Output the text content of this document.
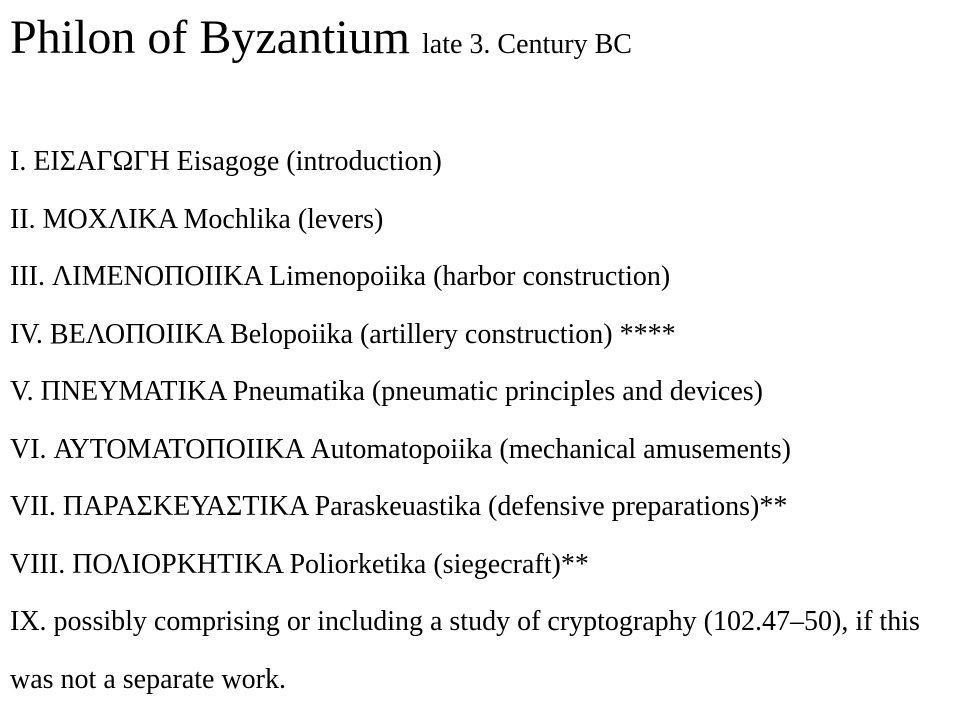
Philon of Byzantium late 3. Century BC
I. ΕΙΣΑΓΩΓΗ Eisagoge (introduction)
II. ΜΟΧΛΙΚΑ Mochlika (levers)
III. ΛΙΜΕΝΟΠΟΙΙΚΑ Limenopoiika (harbor construction)
IV. ΒΕΛΟΠΟΙΙΚΑ Belopoiika (artillery construction) ****
V. ΠΝΕΥΜΑΤΙΚΑ Pneumatika (pneumatic principles and devices)
VI. ΑΥΤΟΜΑΤΟΠΟΙΙΚΑ Automatopoiika (mechanical amusements)
VII. ΠΑΡΑΣΚΕΥΑΣΤΙΚΑ Paraskeuastika (defensive preparations)**
VIII. ΠΟΛΙΟΡΚΗΤΙΚΑ Poliorketika (siegecraft)**
IX. possibly comprising or including a study of cryptography (102.47–50), if this was not a separate work.
